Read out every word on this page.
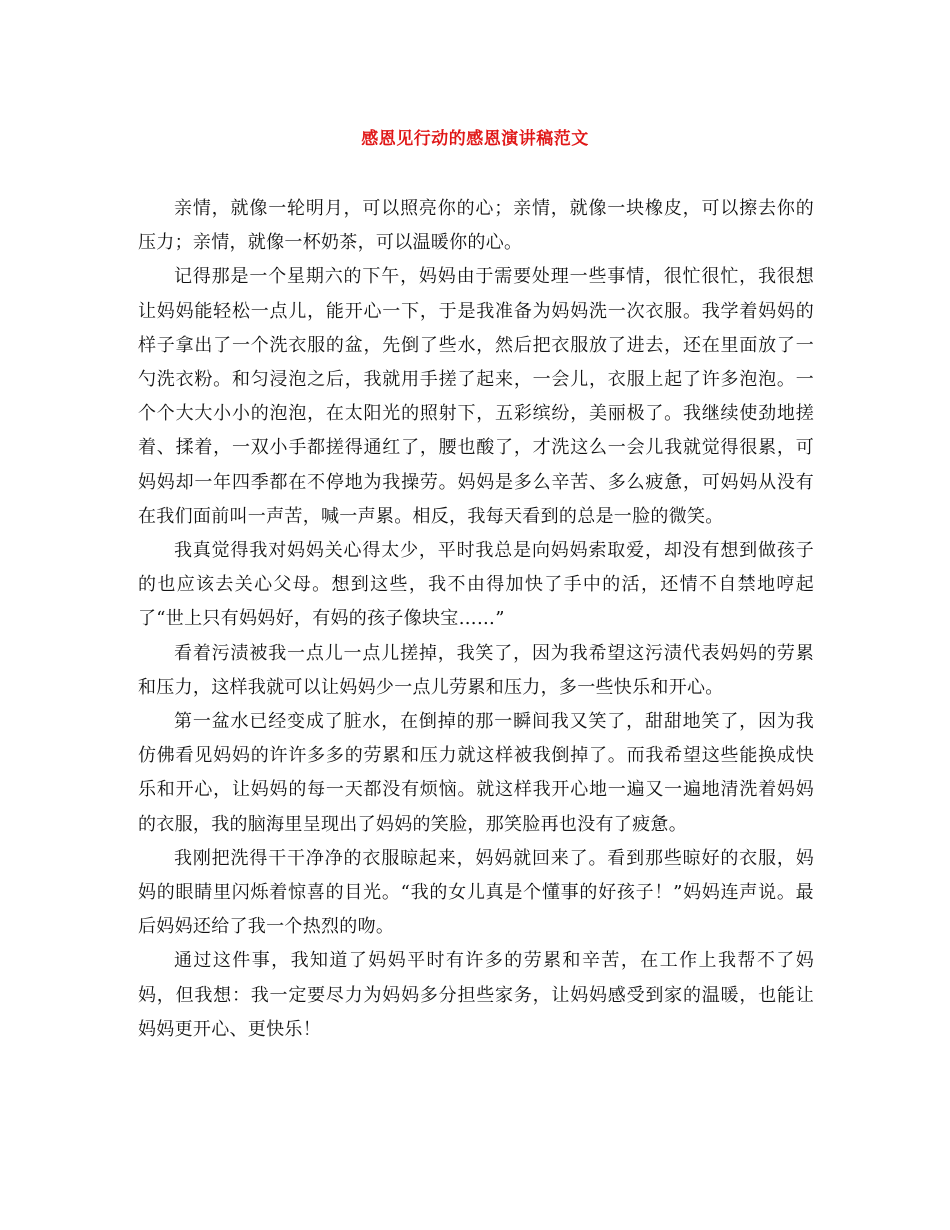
感恩见行动的感恩演讲稿范文

亲情，就像一轮明月，可以照亮你的心；亲情，就像一块橡皮，可以擦去你的压力；亲情，就像一杯奶茶，可以温暖你的心。

记得那是一个星期六的下午，妈妈由于需要处理一些事情，很忙很忙，我很想让妈妈能轻松一点儿，能开心一下，于是我准备为妈妈洗一次衣服。我学着妈妈的样子拿出了一个洗衣服的盆，先倒了些水，然后把衣服放了进去，还在里面放了一勺洗衣粉。和匀浸泡之后，我就用手搓了起来，一会儿，衣服上起了许多泡泡。一个个大大小小的泡泡，在太阳光的照射下，五彩缤纷，美丽极了。我继续使劲地搓着、揉着，一双小手都搓得通红了，腰也酸了，才洗这么一会儿我就觉得很累，可妈妈却一年四季都在不停地为我操劳。妈妈是多么辛苦、多么疲惫，可妈妈从没有在我们面前叫一声苦，喊一声累。相反，我每天看到的总是一脸的微笑。

我真觉得我对妈妈关心得太少，平时我总是向妈妈索取爱，却没有想到做孩子的也应该去关心父母。想到这些，我不由得加快了手中的活，还情不自禁地哼起了“世上只有妈妈好，有妈的孩子像块宝……”

看着污渍被我一点儿一点儿搓掉，我笑了，因为我希望这污渍代表妈妈的劳累和压力，这样我就可以让妈妈少一点儿劳累和压力，多一些快乐和开心。

第一盆水已经变成了脏水，在倒掉的那一瞬间我又笑了，甜甜地笑了，因为我仿佛看见妈妈的许许多多的劳累和压力就这样被我倒掉了。而我希望这些能换成快乐和开心，让妈妈的每一天都没有烦恼。就这样我开心地一遍又一遍地清洗着妈妈的衣服，我的脑海里呈现出了妈妈的笑脸，那笑脸再也没有了疲惫。

我刚把洗得干干净净的衣服晾起来，妈妈就回来了。看到那些晾好的衣服，妈妈的眼睛里闪烁着惊喜的目光。“我的女儿真是个懂事的好孩子！”妈妈连声说。最后妈妈还给了我一个热烈的吻。

通过这件事，我知道了妈妈平时有许多的劳累和辛苦，在工作上我帮不了妈妈，但我想：我一定要尽力为妈妈多分担些家务，让妈妈感受到家的温暖，也能让妈妈更开心、更快乐！
